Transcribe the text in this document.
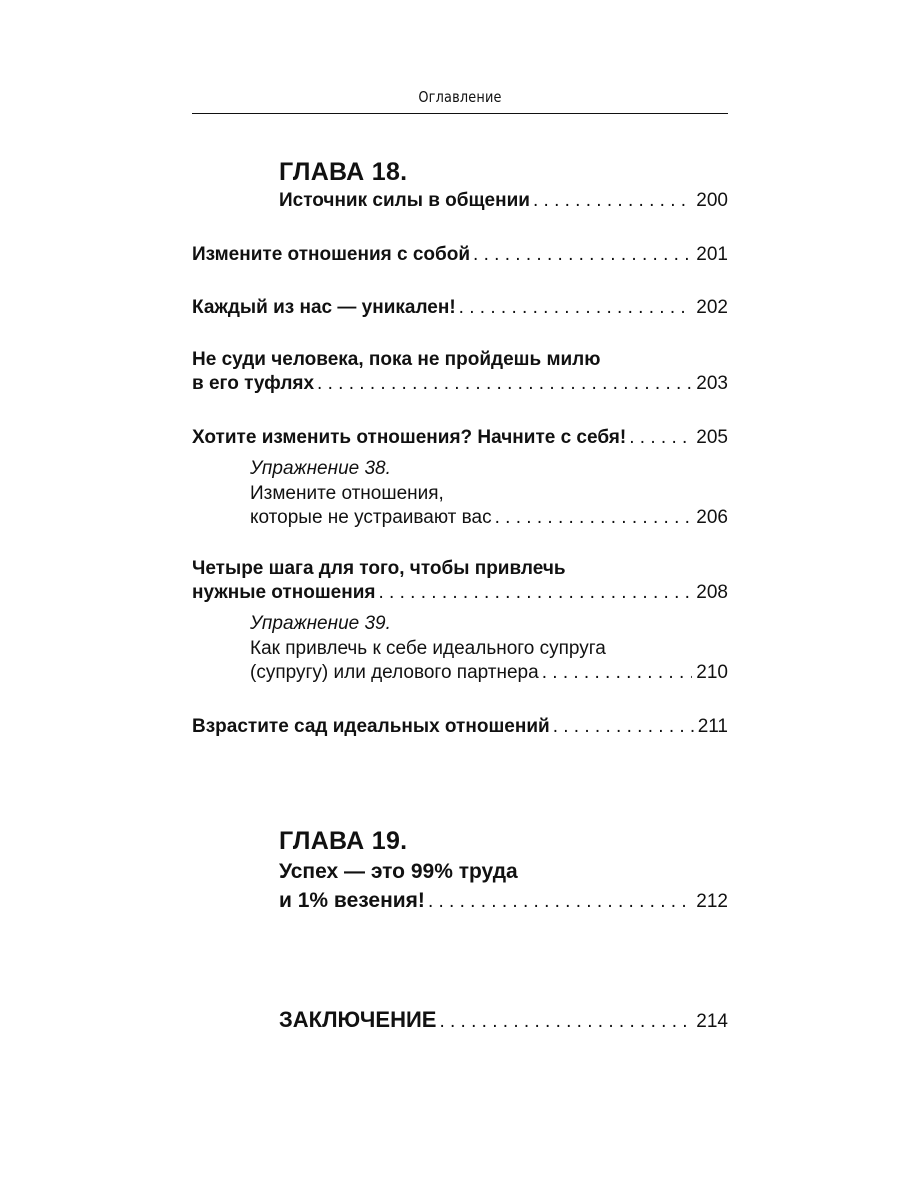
Оглавление
ГЛАВА 18.
Источник силы в общении . . .	200
Измените отношения с собой . . .	201
Каждый из нас — уникален! . . .	202
Не суди человека, пока не пройдешь милю
в его туфлях . . .	203
Хотите изменить отношения? Начните с себя! . . .	205
Упражнение 38.
Измените отношения,
которые не устраивают вас . . .	206
Четыре шага для того, чтобы привлечь
нужные отношения . . .	208
Упражнение 39.
Как привлечь к себе идеального супруга
(супругу) или делового партнера . . .	210
Взрастите сад идеальных отношений . . .	211
ГЛАВА 19.
Успех — это 99% труда
и 1% везения! . . .	212
ЗАКЛЮЧЕНИЕ . . .	214
